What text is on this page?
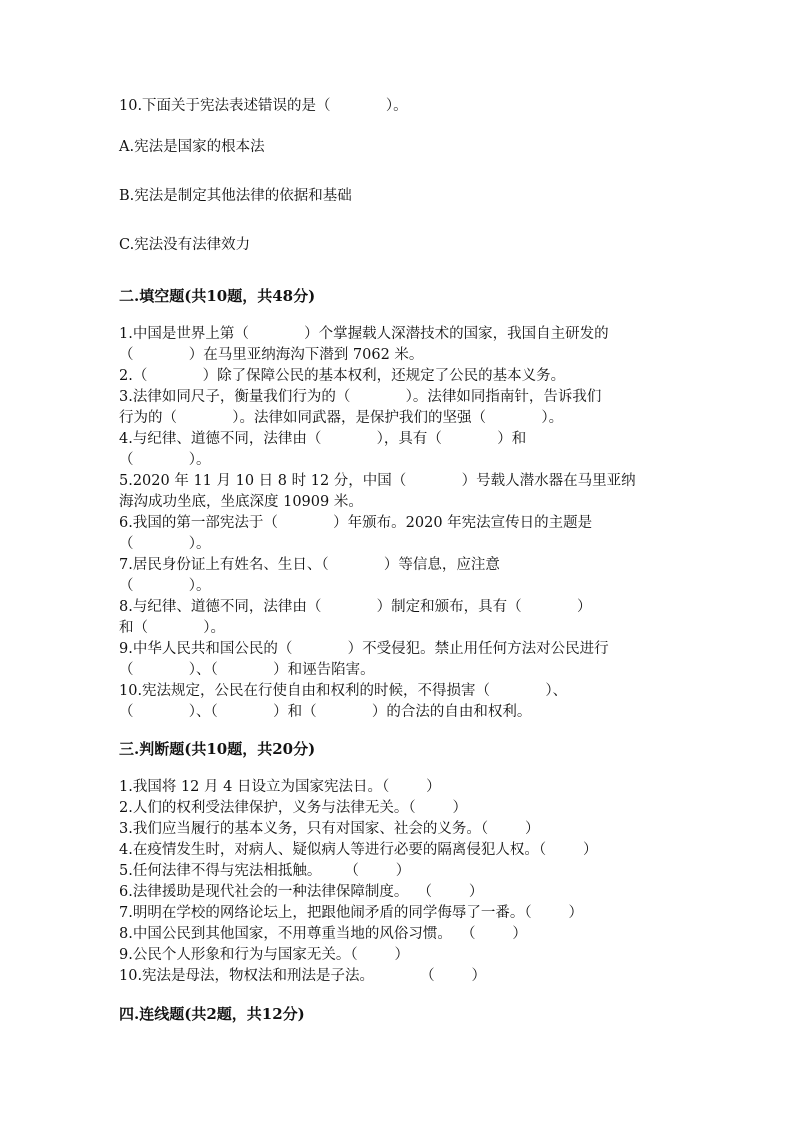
10.下面关于宪法表述错误的是（            ）。
A.宪法是国家的根本法
B.宪法是制定其他法律的依据和基础
C.宪法没有法律效力
二.填空题(共10题，共48分)
1.中国是世界上第（            ）个掌握载人深潜技术的国家，我国自主研发的
（            ）在马里亚纳海沟下潜到 7062 米。
2.（            ）除了保障公民的基本权利，还规定了公民的基本义务。
3.法律如同尺子，衡量我们行为的（            ）。法律如同指南针，告诉我们
行为的（            ）。法律如同武器，是保护我们的坚强（            ）。
4.与纪律、道德不同，法律由（            ），具有（            ）和
（            ）。
5.2020 年 11 月 10 日 8 时 12 分，中国（            ）号载人潜水器在马里亚纳
海沟成功坐底，坐底深度 10909 米。
6.我国的第一部宪法于（            ）年颁布。2020 年宪法宣传日的主题是
（            ）。
7.居民身份证上有姓名、生日、（            ）等信息，应注意
（            ）。
8.与纪律、道德不同，法律由（            ）制定和颁布，具有（            ）
和（            ）。
9.中华人民共和国公民的（            ）不受侵犯。禁止用任何方法对公民进行
（            ）、（            ）和诬告陷害。
10.宪法规定，公民在行使自由和权利的时候，不得损害（            ）、
（            ）、（            ）和（            ）的合法的自由和权利。
三.判断题(共10题，共20分)
1.我国将 12 月 4 日设立为国家宪法日。（        ）
2.人们的权利受法律保护，义务与法律无关。（        ）
3.我们应当履行的基本义务，只有对国家、社会的义务。（        ）
4.在疫情发生时，对病人、疑似病人等进行必要的隔离侵犯人权。（        ）
5.任何法律不得与宪法相抵触。     （        ）
6.法律援助是现代社会的一种法律保障制度。  （        ）
7.明明在学校的网络论坛上，把跟他闹矛盾的同学侮辱了一番。（        ）
8.中国公民到其他国家，不用尊重当地的风俗习惯。  （        ）
9.公民个人形象和行为与国家无关。（        ）
10.宪法是母法，物权法和刑法是子法。          （        ）
四.连线题(共2题，共12分)
